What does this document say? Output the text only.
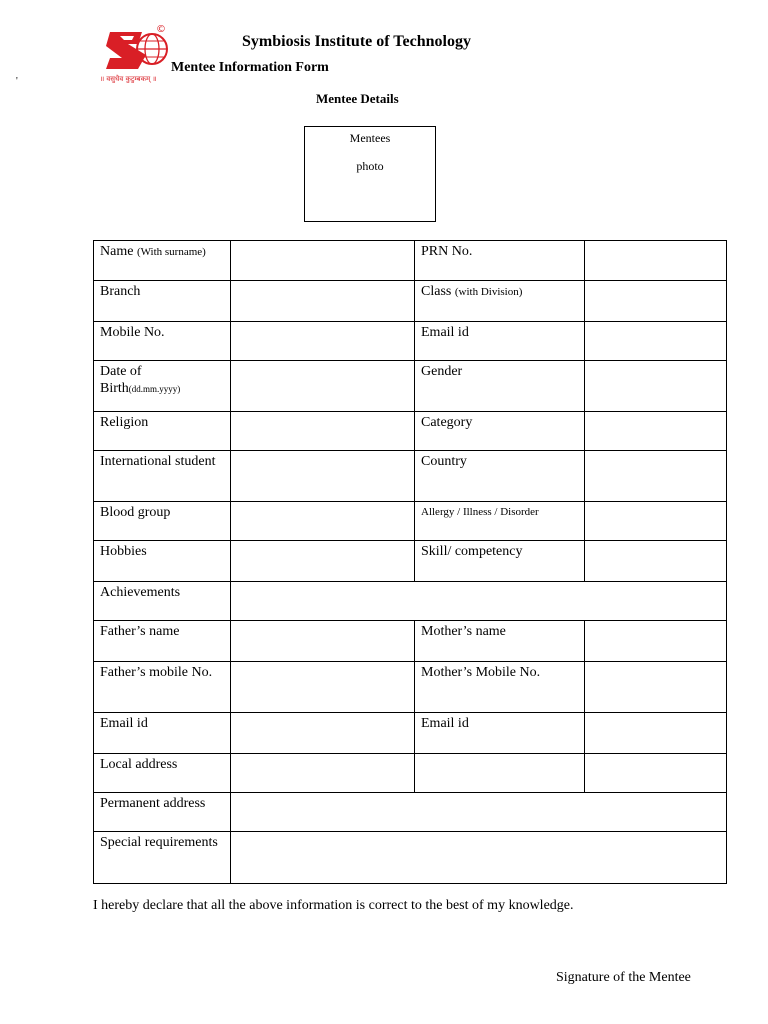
©
॥ वसुधैव कुटुम्बकम् ॥
Symbiosis Institute of Technology
Mentee Information Form
'
Mentee Details
Mentees
photo
Name (With surname)		PRN No.	
Branch		Class (with Division)	
Mobile No.		Email id	
Date of Birth(dd.mm.yyyy)		Gender	
Religion		Category	
International student		Country	
Blood group		Allergy / Illness / Disorder	
Hobbies		Skill/ competency	
Achievements			
Father’s name		Mother’s name	
Father’s mobile No.		Mother’s Mobile No.	
Email id		Email id	
Local address			
Permanent address			
Special requirements			
I hereby declare that all the above information is correct to the best of my knowledge.
Signature of the Mentee
